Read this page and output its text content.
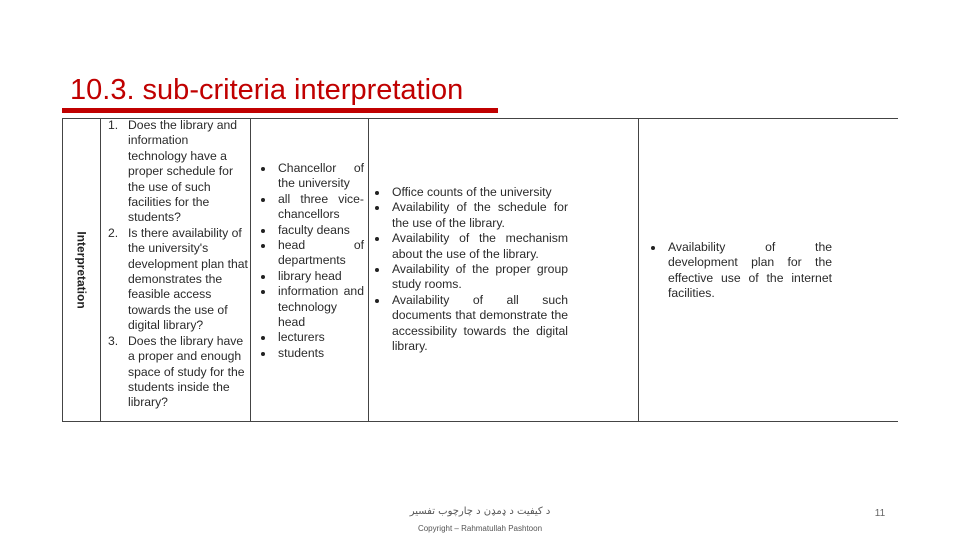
10.3. sub-criteria interpretation
Interpretation
1. Does the library and information technology have a proper schedule for the use of such facilities for the students?
2. Is there availability of the university's development plan that demonstrates the feasible access towards the use of digital library?
3. Does the library have a proper and enough space of study for the students inside the library?
Chancellor of the university
all three vice-chancellors
faculty deans
head of departments
library head
information and technology head
lecturers
students
Office counts of the university
Availability of the schedule for the use of the library.
Availability of the mechanism about the use of the library.
Availability of the proper group study rooms.
Availability of all such documents that demonstrate the accessibility towards the digital library.
Availability of the development plan for the effective use of the internet facilities.
د کیفیت د ډمډن د چارچوب تفسیر
Copyright – Rahmatullah Pashtoon
11
